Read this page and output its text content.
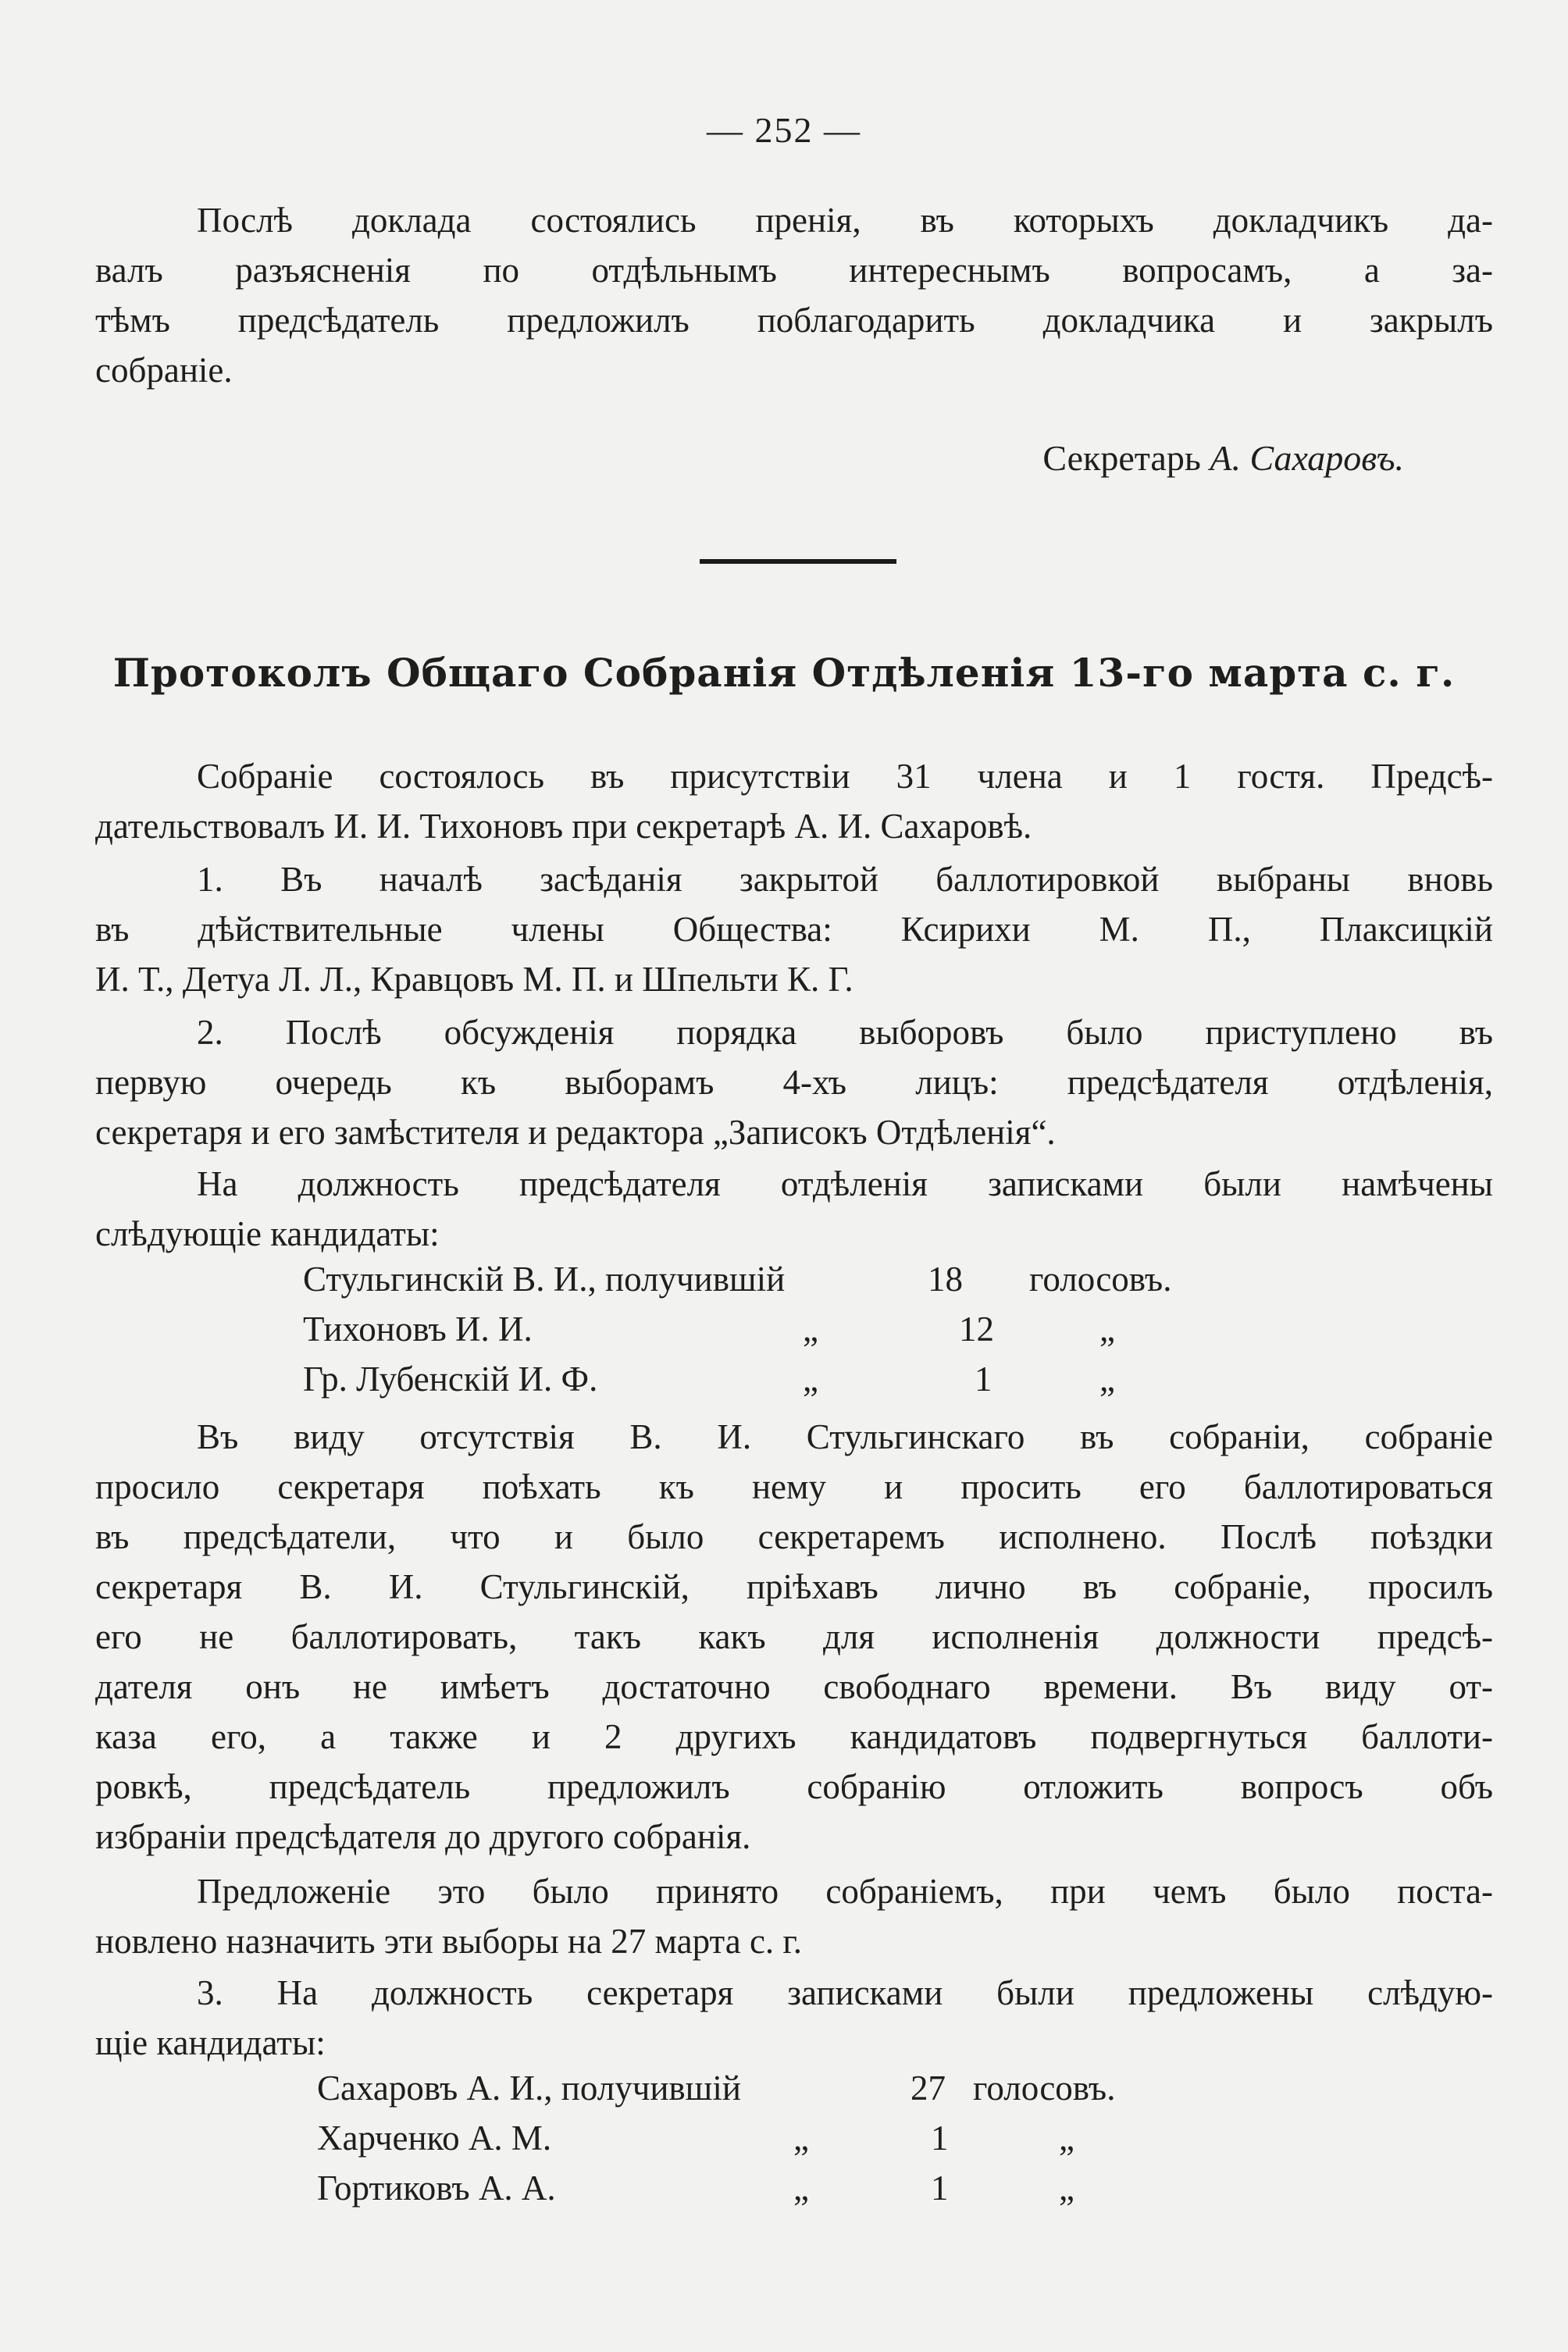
— 252 —
Послѣ доклада состоялись пренія, въ которыхъ докладчикъ да-
валъ разъясненія по отдѣльнымъ интереснымъ вопросамъ, а за-
тѣмъ предсѣдатель предложилъ поблагодарить докладчика и закрылъ
собраніе.
Секретарь А. Сахаровъ.
Протоколъ Общаго Собранія Отдѣленія 13-го марта с. г.
Собраніе состоялось въ присутствіи 31 члена и 1 гостя. Предсѣ-
дательствовалъ И. И. Тихоновъ при секретарѣ А. И. Сахаровѣ.
1. Въ началѣ засѣданія закрытой баллотировкой выбраны вновь
въ дѣйствительные члены Общества: Ксирихи М. П., Плаксицкій
И. Т., Детуа Л. Л., Кравцовъ М. П. и Шпельти К. Г.
2. Послѣ обсужденія порядка выборовъ было приступлено въ
первую очередь къ выборамъ 4-хъ лицъ: предсѣдателя отдѣленія,
секретаря и его замѣстителя и редактора „Записокъ Отдѣленія“.
На должность предсѣдателя отдѣленія записками были намѣчены
слѣдующіе кандидаты:
Стульгинскій В. И., получившій	18 голосовъ.
Тихоновъ И. И.	„	12	„
Гр. Лубенскій И. Ф.	„	1	„
Въ виду отсутствія В. И. Стульгинскаго въ собраніи, собраніе
просило секретаря поѣхать къ нему и просить его баллотироваться
въ предсѣдатели, что и было секретаремъ исполнено. Послѣ поѣздки
секретаря В. И. Стульгинскій, пріѣхавъ лично въ собраніе, просилъ
его не баллотировать, такъ какъ для исполненія должности предсѣ-
дателя онъ не имѣетъ достаточно свободнаго времени. Въ виду от-
каза его, а также и 2 другихъ кандидатовъ подвергнуться баллоти-
ровкѣ, предсѣдатель предложилъ собранію отложить вопросъ объ
избраніи предсѣдателя до другого собранія.
Предложеніе это было принято собраніемъ, при чемъ было поста-
новлено назначить эти выборы на 27 марта с. г.
3. На должность секретаря записками были предложены слѣдую-
щіе кандидаты:
Сахаровъ А. И., получившій	27 голосовъ.
Харченко А. М.	„	1	„
Гортиковъ А. А.	„	1	„
